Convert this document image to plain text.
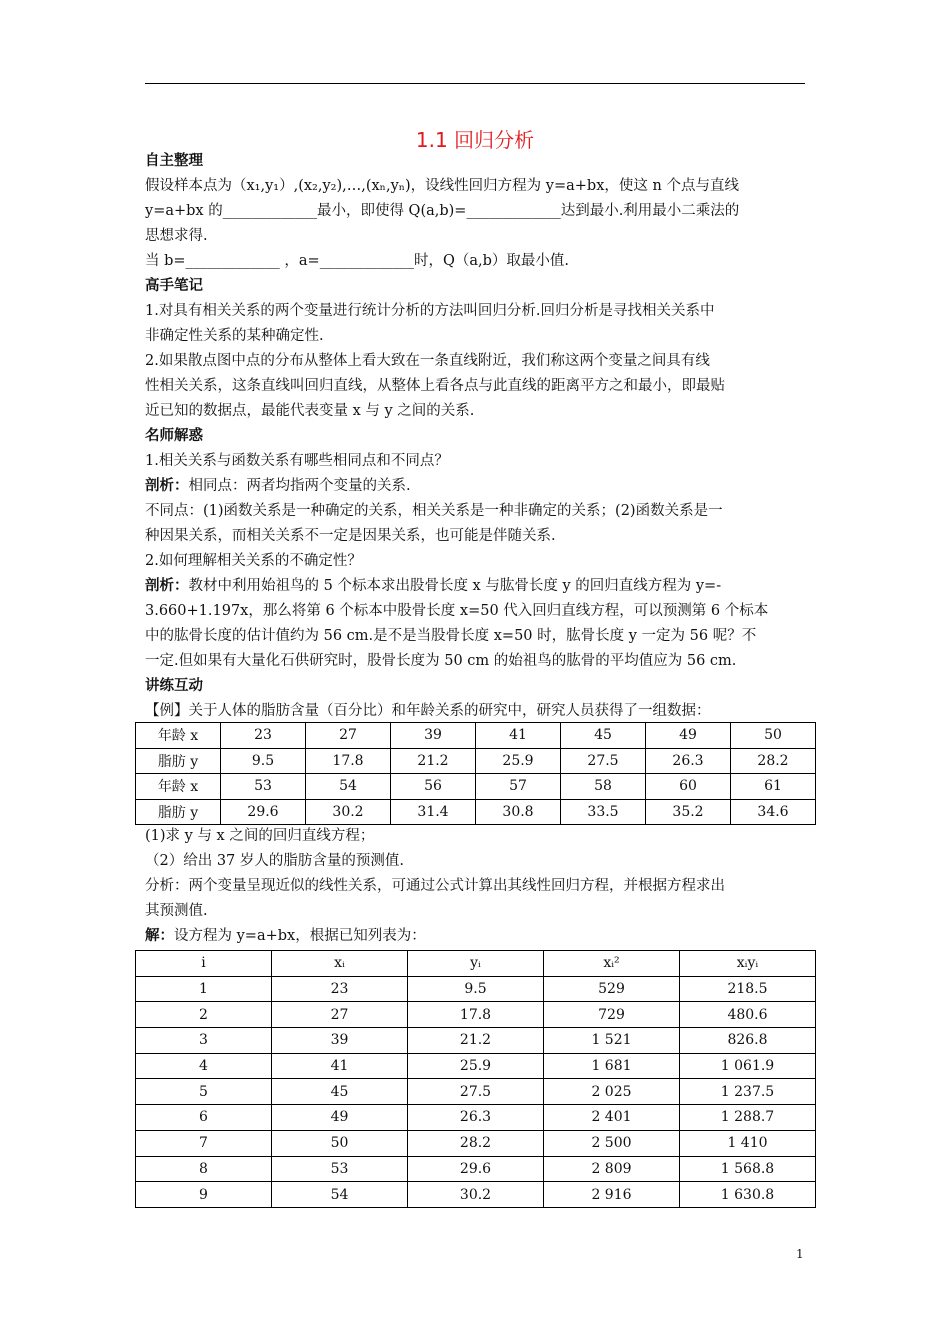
1.1 回归分析
自主整理
假设样本点为（x₁,y₁）,(x₂,y₂),…,(xₙ,yₙ)，设线性回归方程为 y=a+bx，使这 n 个点与直线
y=a+bx 的_____________最小，即使得 Q(a,b)=_____________达到最小.利用最小二乘法的
思想求得.
当 b=_____________ ，a=_____________时，Q（a,b）取最小值.
高手笔记
1.对具有相关关系的两个变量进行统计分析的方法叫回归分析.回归分析是寻找相关关系中
非确定性关系的某种确定性.
2.如果散点图中点的分布从整体上看大致在一条直线附近，我们称这两个变量之间具有线
性相关关系，这条直线叫回归直线，从整体上看各点与此直线的距离平方之和最小，即最贴
近已知的数据点，最能代表变量 x 与 y 之间的关系.
名师解惑
1.相关关系与函数关系有哪些相同点和不同点？
剖析：相同点：两者均指两个变量的关系.
不同点：(1)函数关系是一种确定的关系，相关关系是一种非确定的关系；(2)函数关系是一
种因果关系，而相关关系不一定是因果关系，也可能是伴随关系.
2.如何理解相关关系的不确定性？
剖析：教材中利用始祖鸟的 5 个标本求出股骨长度 x 与肱骨长度 y 的回归直线方程为 y=-
3.660+1.197x，那么将第 6 个标本中股骨长度 x=50 代入回归直线方程，可以预测第 6 个标本
中的肱骨长度的估计值约为 56 cm.是不是当股骨长度 x=50 时，肱骨长度 y 一定为 56 呢？不
一定.但如果有大量化石供研究时，股骨长度为 50 cm 的始祖鸟的肱骨的平均值应为 56 cm.
讲练互动
【例】关于人体的脂肪含量（百分比）和年龄关系的研究中，研究人员获得了一组数据：
年龄 x	23	27	39	41	45	49	50
脂肪 y	9.5	17.8	21.2	25.9	27.5	26.3	28.2
年龄 x	53	54	56	57	58	60	61
脂肪 y	29.6	30.2	31.4	30.8	33.5	35.2	34.6
(1)求 y 与 x 之间的回归直线方程；
（2）给出 37 岁人的脂肪含量的预测值.
分析：两个变量呈现近似的线性关系，可通过公式计算出其线性回归方程，并根据方程求出
其预测值.
解：设方程为 y=a+bx，根据已知列表为：
i	xᵢ	yᵢ	xᵢ²	xᵢyᵢ
1	23	9.5	529	218.5
2	27	17.8	729	480.6
3	39	21.2	1 521	826.8
4	41	25.9	1 681	1 061.9
5	45	27.5	2 025	1 237.5
6	49	26.3	2 401	1 288.7
7	50	28.2	2 500	1 410
8	53	29.6	2 809	1 568.8
9	54	30.2	2 916	1 630.8
1
